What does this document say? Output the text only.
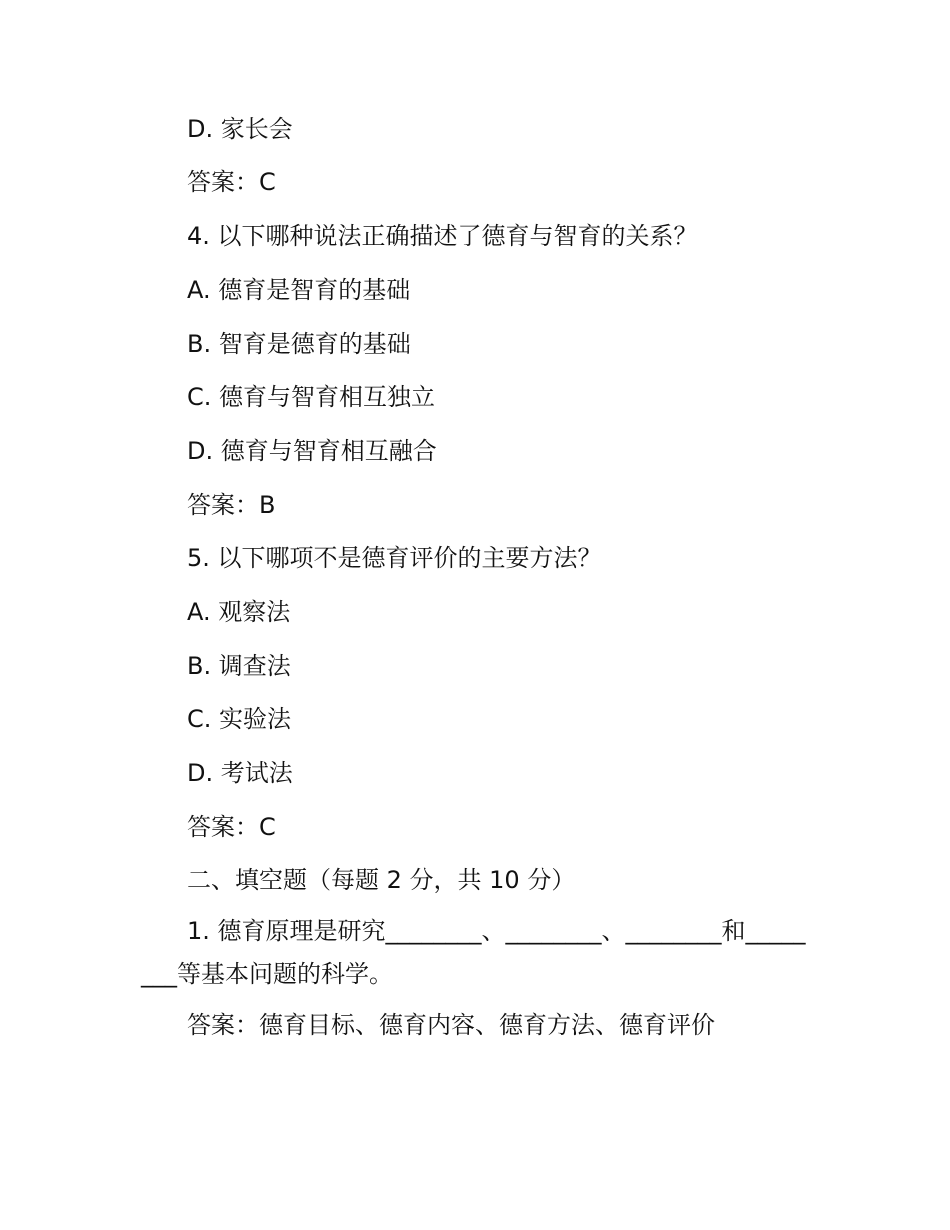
D. 家长会
答案：C
4. 以下哪种说法正确描述了德育与智育的关系？
A. 德育是智育的基础
B. 智育是德育的基础
C. 德育与智育相互独立
D. 德育与智育相互融合
答案：B
5. 以下哪项不是德育评价的主要方法？
A. 观察法
B. 调查法
C. 实验法
D. 考试法
答案：C
二、填空题（每题 2 分，共 10 分）
1. 德育原理是研究________、________、________和________等基本问题的科学。
答案：德育目标、德育内容、德育方法、德育评价
